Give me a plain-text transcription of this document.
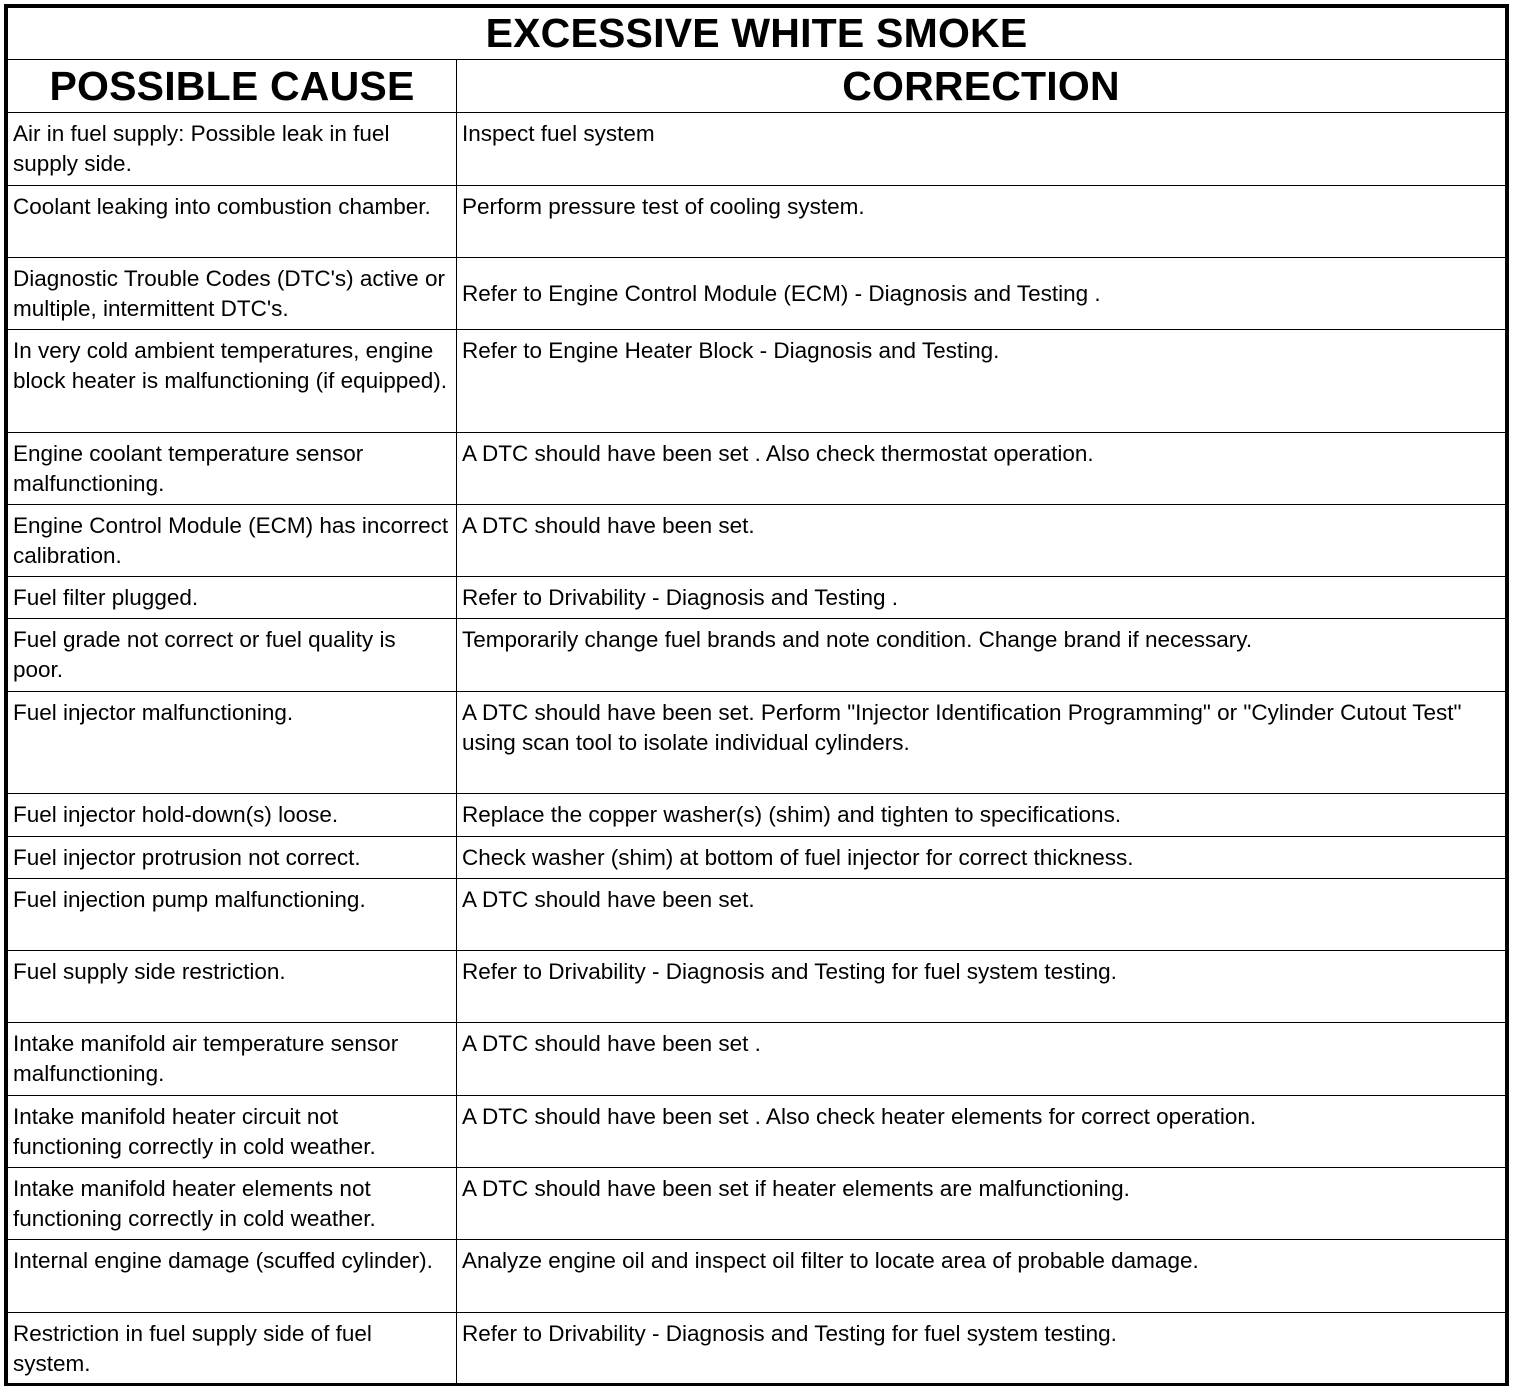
EXCESSIVE WHITE SMOKE	
POSSIBLE CAUSE	CORRECTION
Air in fuel supply: Possible leak in fuel supply side.	Inspect fuel system
Coolant leaking into combustion chamber.	Perform pressure test of cooling system.
Diagnostic Trouble Codes (DTC's) active or multiple, intermittent DTC's.	Refer to Engine Control Module (ECM) - Diagnosis and Testing .
In very cold ambient temperatures, engine block heater is malfunctioning (if equipped).	Refer to Engine Heater Block - Diagnosis and Testing.
Engine coolant temperature sensor malfunctioning.	A DTC should have been set . Also check thermostat operation.
Engine Control Module (ECM) has incorrect calibration.	A DTC should have been set.
Fuel filter plugged.	Refer to Drivability - Diagnosis and Testing .
Fuel grade not correct or fuel quality is poor.	Temporarily change fuel brands and note condition. Change brand if necessary.
Fuel injector malfunctioning.	A DTC should have been set. Perform "Injector Identification Programming" or "Cylinder Cutout Test" using scan tool to isolate individual cylinders.
Fuel injector hold-down(s) loose.	Replace the copper washer(s) (shim) and tighten to specifications.
Fuel injector protrusion not correct.	Check washer (shim) at bottom of fuel injector for correct thickness.
Fuel injection pump malfunctioning.	A DTC should have been set.
Fuel supply side restriction.	Refer to Drivability - Diagnosis and Testing for fuel system testing.
Intake manifold air temperature sensor malfunctioning.	A DTC should have been set .
Intake manifold heater circuit not functioning correctly in cold weather.	A DTC should have been set . Also check heater elements for correct operation.
Intake manifold heater elements not functioning correctly in cold weather.	A DTC should have been set if heater elements are malfunctioning.
Internal engine damage (scuffed cylinder).	Analyze engine oil and inspect oil filter to locate area of probable damage.
Restriction in fuel supply side of fuel system.	Refer to Drivability - Diagnosis and Testing for fuel system testing.
